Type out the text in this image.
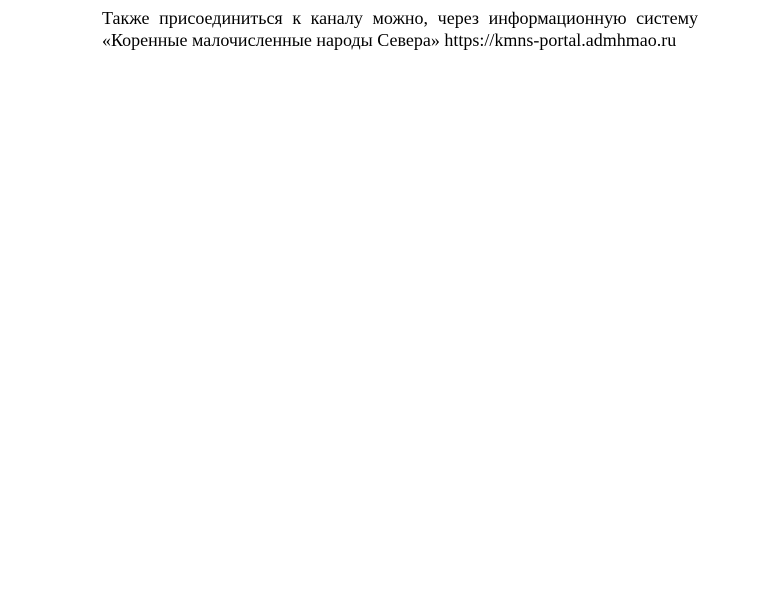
Также присоединиться к каналу можно, через информационную систему
«Коренные малочисленные народы Севера» https://kmns-portal.admhmao.ru
